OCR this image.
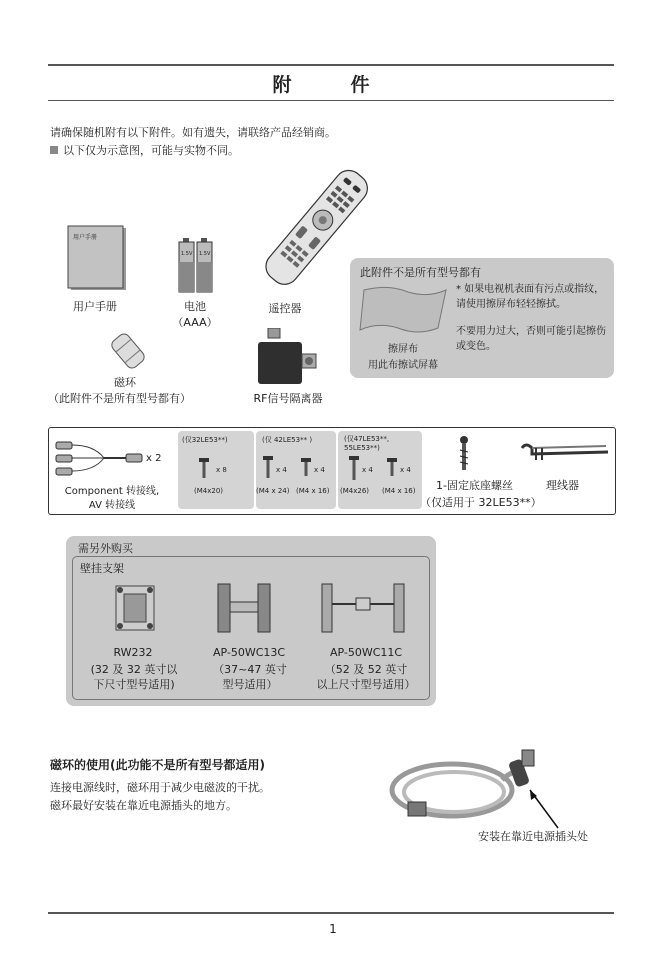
附　件
请确保随机附有以下附件。如有遗失，请联络产品经销商。
以下仅为示意图，可能与实物不同。
遥控器
用户手册
用户手册
1.5V 1.5V
电池
（AAA）
磁环
（此附件不是所有型号都有）	RF信号隔离器
此附件不是所有型号都有
擦屏布
用此布擦试屏幕
* 如果电视机表面有污点或指纹，请使用擦屏布轻轻擦拭。
不要用力过大，否则可能引起擦伤或变色。
x 2
Component 转接线,
AV 转接线
(仅32LE53**)
x 8
(M4x20)
(仅 42LE53** )
x 4	x 4
(M4 x 24) (M4 x 16)
(仅47LE53**, 55LE53**)
x 4	x 4
(M4x26) (M4 x 16) 1-固定底座螺丝
（仅适用于 32LE53**）
理线器
需另外购买
壁挂支架
RW232
(32 及 32 英寸以
下尺寸型号适用)
AP-50WC13C
（37~47 英寸
型号适用）
AP-50WC11C
（52 及 52 英寸
以上尺寸型号适用）
磁环的使用(此功能不是所有型号都适用)
连接电源线时，磁环用于减少电磁波的干扰。
磁环最好安装在靠近电源插头的地方。
安装在靠近电源插头处
1
